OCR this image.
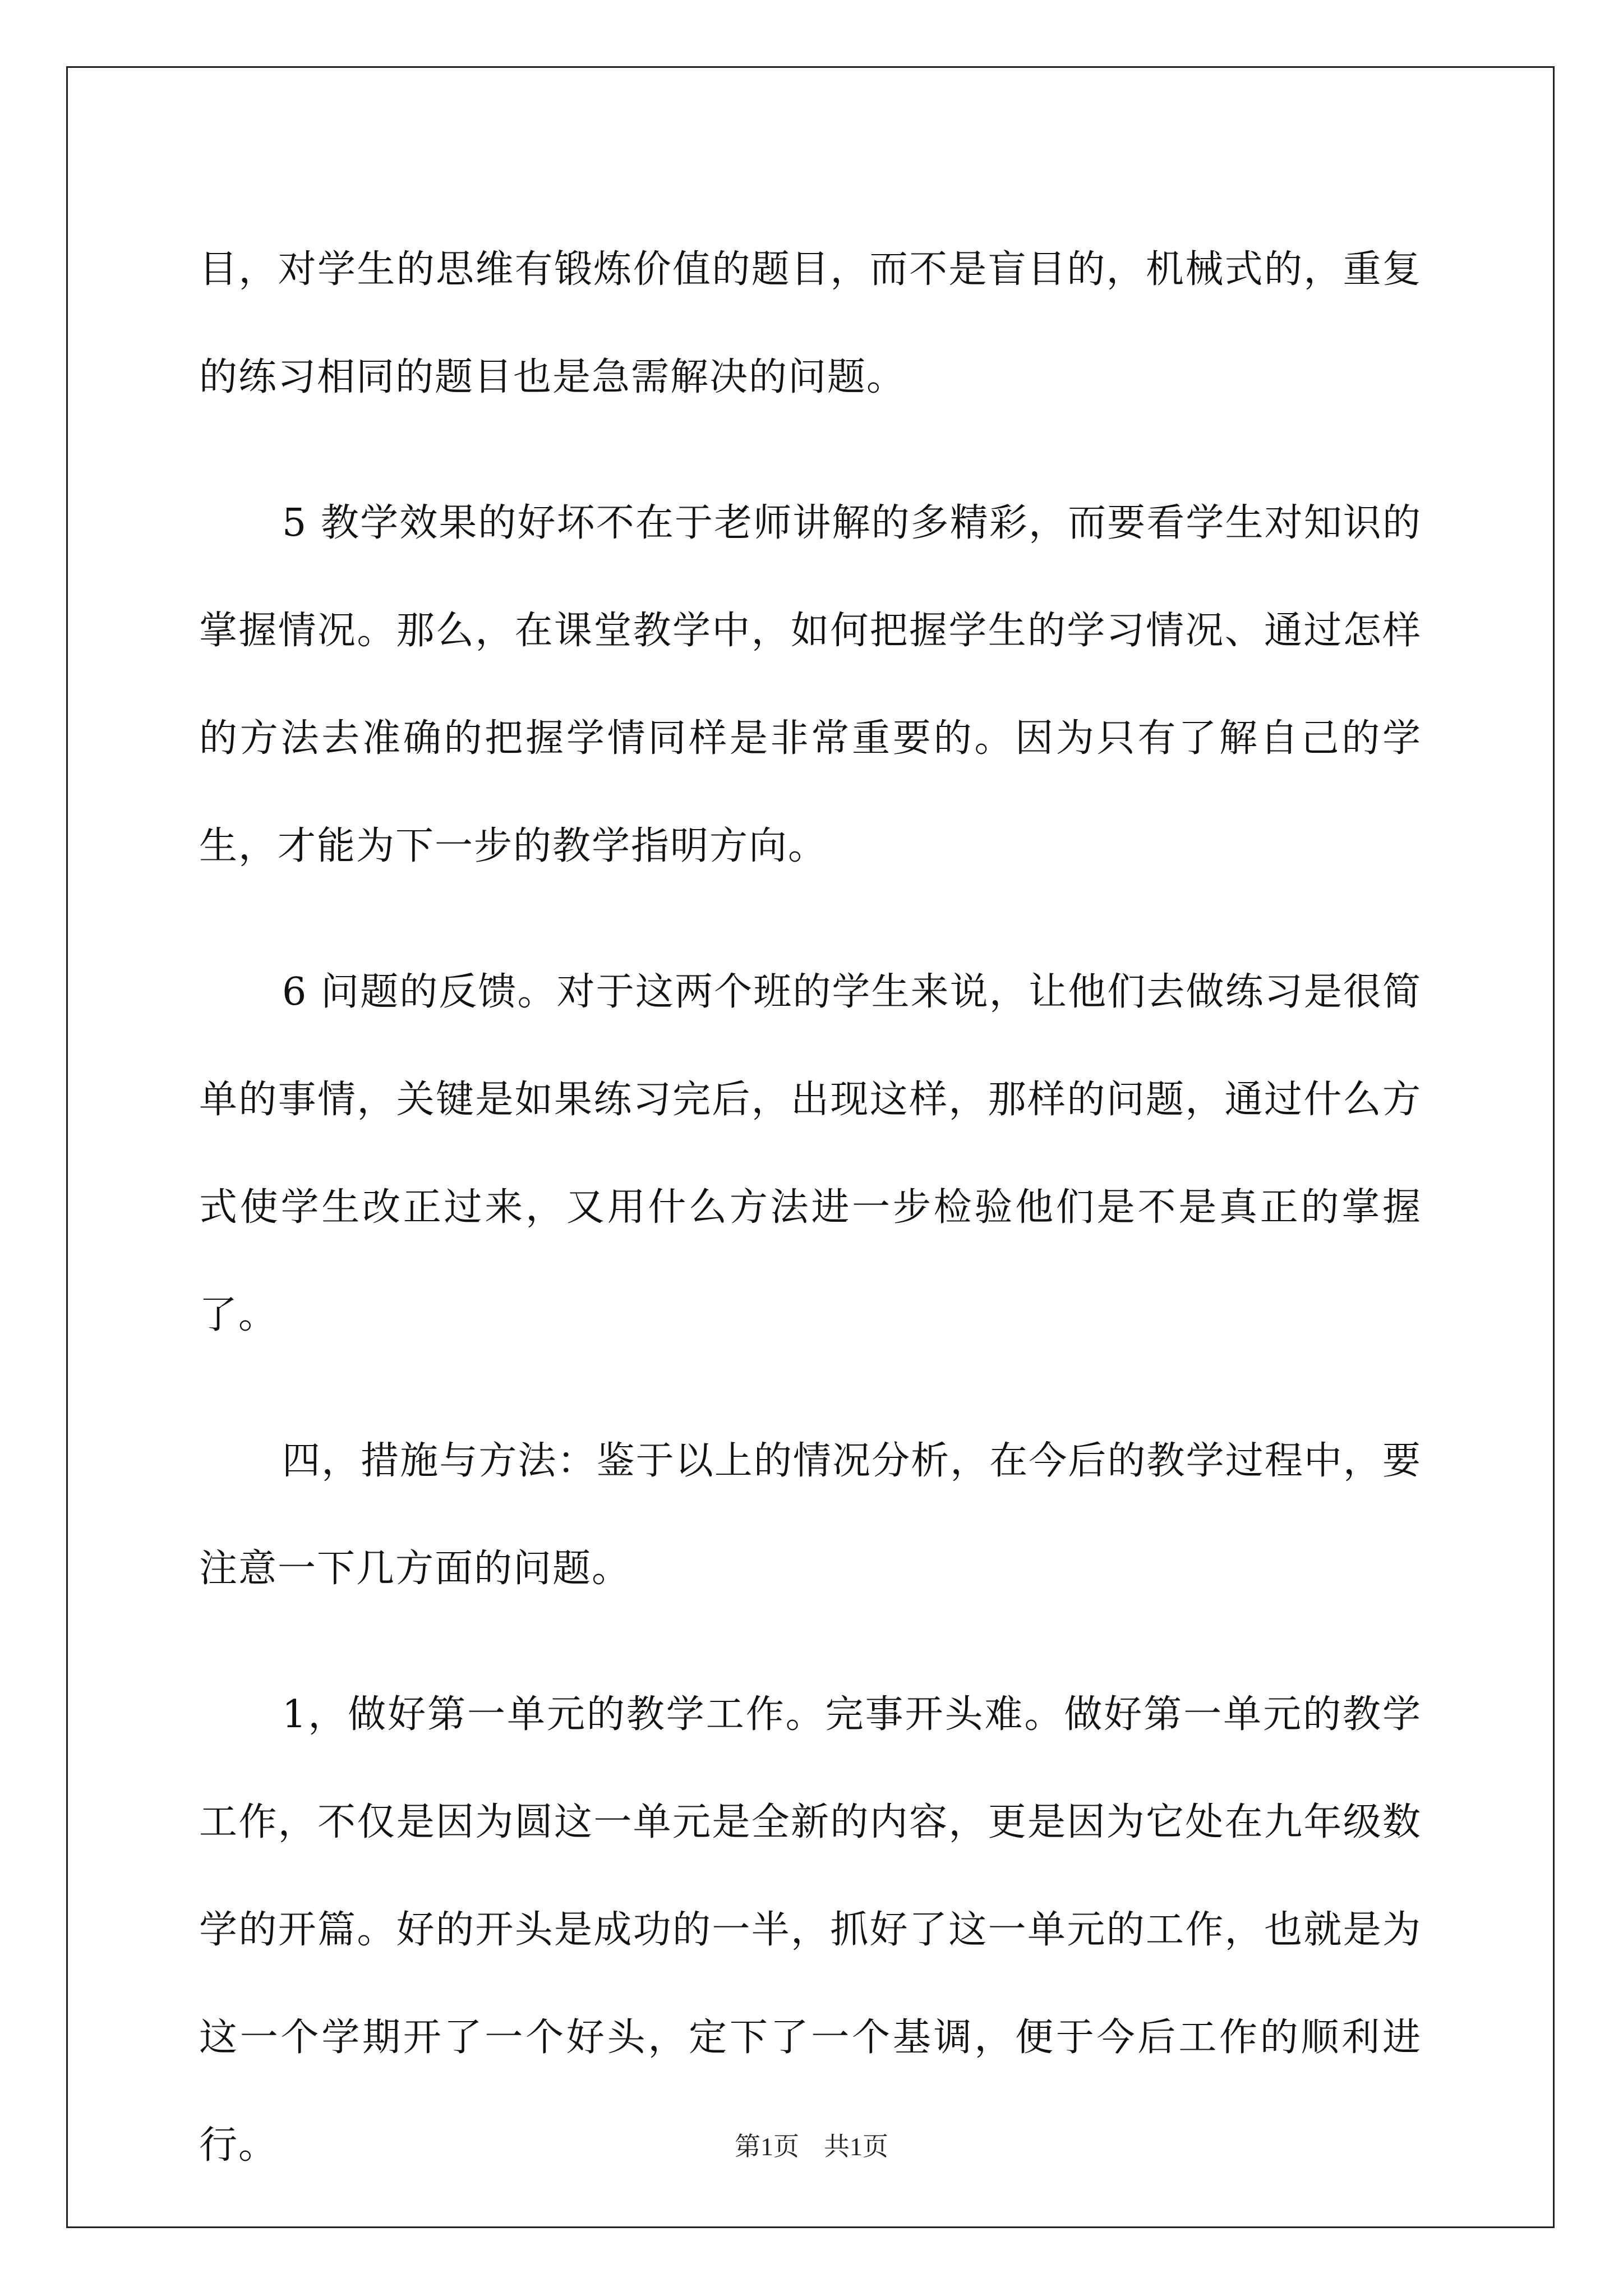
目，对学生的思维有锻炼价值的题目，而不是盲目的，机械式的，重复的练习相同的题目也是急需解决的问题。

5 教学效果的好坏不在于老师讲解的多精彩，而要看学生对知识的掌握情况。那么，在课堂教学中，如何把握学生的学习情况、通过怎样的方法去准确的把握学情同样是非常重要的。因为只有了解自己的学生，才能为下一步的教学指明方向。

6 问题的反馈。对于这两个班的学生来说，让他们去做练习是很简单的事情，关键是如果练习完后，出现这样，那样的问题，通过什么方式使学生改正过来，又用什么方法进一步检验他们是不是真正的掌握了。

四，措施与方法：鉴于以上的情况分析，在今后的教学过程中，要注意一下几方面的问题。

1，做好第一单元的教学工作。完事开头难。做好第一单元的教学工作，不仅是因为圆这一单元是全新的内容，更是因为它处在九年级数学的开篇。好的开头是成功的一半，抓好了这一单元的工作，也就是为这一个学期开了一个好头，定下了一个基调，便于今后工作的顺利进行。	第1页 共1页
